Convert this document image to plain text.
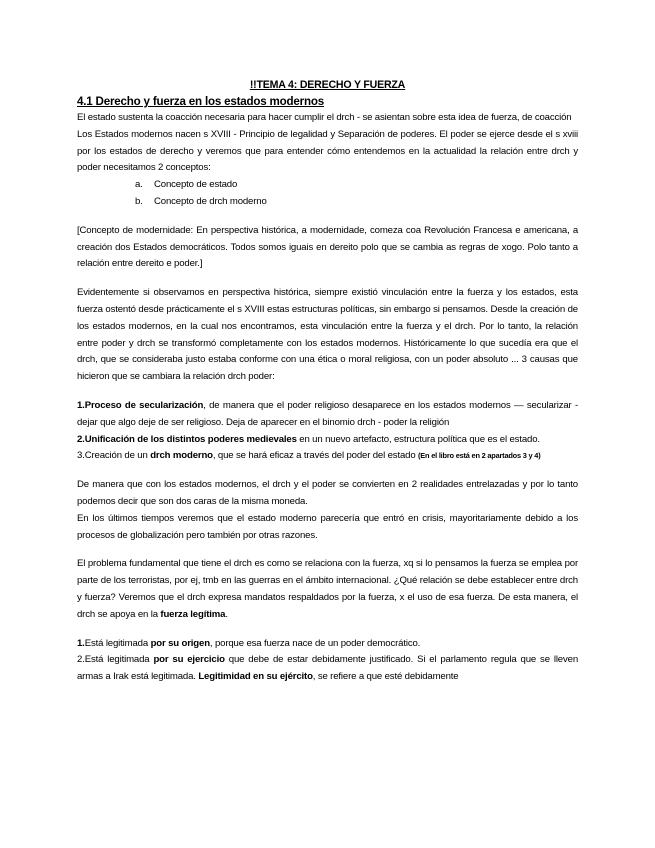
!!TEMA 4: DERECHO Y FUERZA
4.1 Derecho y fuerza en los estados modernos

El estado sustenta la coacción necesaria para hacer cumplir el drch - se asientan sobre esta idea de fuerza, de coacción

Los Estados modernos nacen s XVIII - Principio de legalidad y Separación de poderes. El poder se ejerce desde el s xviii por los estados de derecho y veremos que para entender cómo entendemos en la actualidad la relación entre drch y poder necesitamos 2 conceptos:

a. Concepto de estado
b. Concepto de drch moderno

[Concepto de modernidade: En perspectiva histórica, a modernidade, comeza coa Revolución Francesa e americana, a creación dos Estados democráticos. Todos somos iguais en dereito polo que se cambia as regras de xogo. Polo tanto a relación entre dereito e poder.]

Evidentemente si observamos en perspectiva histórica, siempre existió vinculación entre la fuerza y los estados, esta fuerza ostentó desde prácticamente el s XVIII estas estructuras políticas, sin embargo si pensamos. Desde la creación de los estados modernos, en la cual nos encontramos, esta vinculación entre la fuerza y el drch. Por lo tanto, la relación entre poder y drch se transformó completamente con los estados modernos. Históricamente lo que sucedía era que el drch, que se consideraba justo estaba conforme con una ética o moral religiosa, con un poder absoluto ... 3 causas que hicieron que se cambiara la relación drch poder:

1.Proceso de secularización, de manera que el poder religioso desaparece en los estados modernos — secularizar - dejar que algo deje de ser religioso. Deja de aparecer en el binomio drch - poder la religión

2.Unificación de los distintos poderes medievales en un nuevo artefacto, estructura política que es el estado.

3.Creación de un drch moderno, que se hará eficaz a través del poder del estado (En el libro está en 2 apartados 3 y 4)

De manera que con los estados modernos, el drch y el poder se convierten en 2 realidades entrelazadas y por lo tanto podemos decir que son dos caras de la misma moneda.

En los últimos tiempos veremos que el estado moderno parecería que entró en crisis, mayoritariamente debido a los procesos de globalización pero también por otras razones.

El problema fundamental que tiene el drch es como se relaciona con la fuerza, xq si lo pensamos la fuerza se emplea por parte de los terroristas, por ej, tmb en las guerras en el ámbito internacional. ¿Qué relación se debe establecer entre drch y fuerza? Veremos que el drch expresa mandatos respaldados por la fuerza, x el uso de esa fuerza. De esta manera, el drch se apoya en la fuerza legítima.

1.Está legitimada por su origen, porque esa fuerza nace de un poder democrático.

2.Está legitimada por su ejercicio que debe de estar debidamente justificado. Si el parlamento regula que se lleven armas a Irak está legitimada. Legitimidad en su ejército, se refiere a que esté debidamente
